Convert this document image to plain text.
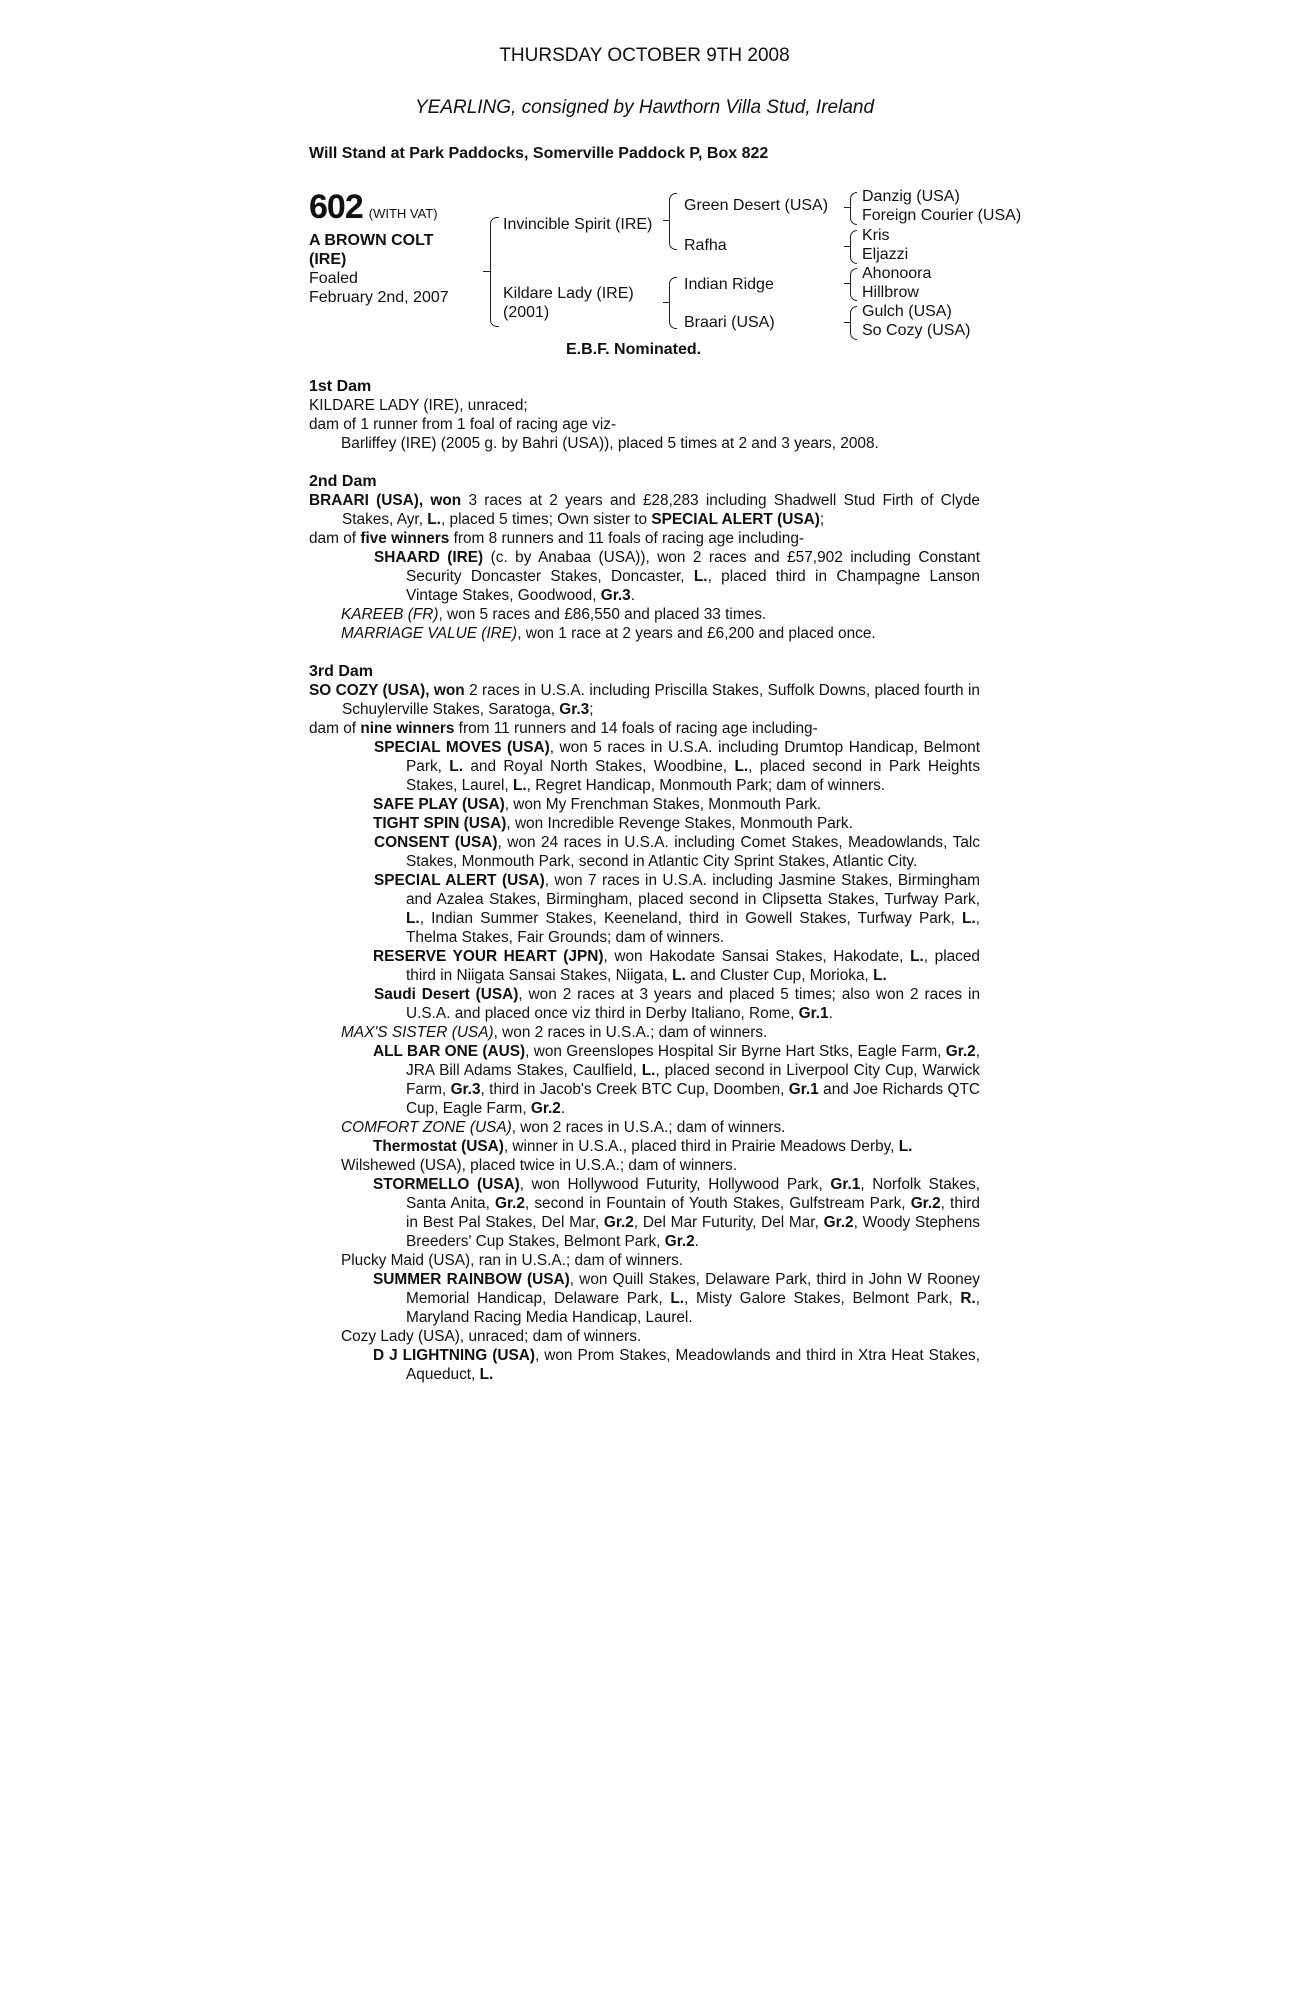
THURSDAY OCTOBER 9TH 2008
YEARLING, consigned by Hawthorn Villa Stud, Ireland
Will Stand at Park Paddocks, Somerville Paddock P, Box 822
602 (WITH VAT)
A BROWN COLT
(IRE)
Foaled
February 2nd, 2007
Invincible Spirit (IRE)
Kildare Lady (IRE)
(2001)
Green Desert (USA)
Rafha
Indian Ridge
Braari (USA)
Danzig (USA)
Foreign Courier (USA)
Kris
Eljazzi
Ahonoora
Hillbrow
Gulch (USA)
So Cozy (USA)
E.B.F. Nominated.

1st Dam

KILDARE LADY (IRE), unraced;

dam of 1 runner from 1 foal of racing age viz-

Barliffey (IRE) (2005 g. by Bahri (USA)), placed 5 times at 2 and 3 years, 2008.

2nd Dam

BRAARI (USA), won 3 races at 2 years and £28,283 including Shadwell Stud Firth of Clyde Stakes, Ayr, L., placed 5 times; Own sister to SPECIAL ALERT (USA);

dam of five winners from 8 runners and 11 foals of racing age including-

SHAARD (IRE) (c. by Anabaa (USA)), won 2 races and £57,902 including Constant Security Doncaster Stakes, Doncaster, L., placed third in Champagne Lanson Vintage Stakes, Goodwood, Gr.3.

KAREEB (FR), won 5 races and £86,550 and placed 33 times.

MARRIAGE VALUE (IRE), won 1 race at 2 years and £6,200 and placed once.

3rd Dam

SO COZY (USA), won 2 races in U.S.A. including Priscilla Stakes, Suffolk Downs, placed fourth in Schuylerville Stakes, Saratoga, Gr.3;

dam of nine winners from 11 runners and 14 foals of racing age including-

SPECIAL MOVES (USA), won 5 races in U.S.A. including Drumtop Handicap, Belmont Park, L. and Royal North Stakes, Woodbine, L., placed second in Park Heights Stakes, Laurel, L., Regret Handicap, Monmouth Park; dam of winners.

SAFE PLAY (USA), won My Frenchman Stakes, Monmouth Park.

TIGHT SPIN (USA), won Incredible Revenge Stakes, Monmouth Park.

CONSENT (USA), won 24 races in U.S.A. including Comet Stakes, Meadowlands, Talc Stakes, Monmouth Park, second in Atlantic City Sprint Stakes, Atlantic City.

SPECIAL ALERT (USA), won 7 races in U.S.A. including Jasmine Stakes, Birmingham and Azalea Stakes, Birmingham, placed second in Clipsetta Stakes, Turfway Park, L., Indian Summer Stakes, Keeneland, third in Gowell Stakes, Turfway Park, L., Thelma Stakes, Fair Grounds; dam of winners.

RESERVE YOUR HEART (JPN), won Hakodate Sansai Stakes, Hakodate, L., placed third in Niigata Sansai Stakes, Niigata, L. and Cluster Cup, Morioka, L.

Saudi Desert (USA), won 2 races at 3 years and placed 5 times; also won 2 races in U.S.A. and placed once viz third in Derby Italiano, Rome, Gr.1.

MAX'S SISTER (USA), won 2 races in U.S.A.; dam of winners.

ALL BAR ONE (AUS), won Greenslopes Hospital Sir Byrne Hart Stks, Eagle Farm, Gr.2, JRA Bill Adams Stakes, Caulfield, L., placed second in Liverpool City Cup, Warwick Farm, Gr.3, third in Jacob's Creek BTC Cup, Doomben, Gr.1 and Joe Richards QTC Cup, Eagle Farm, Gr.2.

COMFORT ZONE (USA), won 2 races in U.S.A.; dam of winners.

Thermostat (USA), winner in U.S.A., placed third in Prairie Meadows Derby, L.

Wilshewed (USA), placed twice in U.S.A.; dam of winners.

STORMELLO (USA), won Hollywood Futurity, Hollywood Park, Gr.1, Norfolk Stakes, Santa Anita, Gr.2, second in Fountain of Youth Stakes, Gulfstream Park, Gr.2, third in Best Pal Stakes, Del Mar, Gr.2, Del Mar Futurity, Del Mar, Gr.2, Woody Stephens Breeders' Cup Stakes, Belmont Park, Gr.2.

Plucky Maid (USA), ran in U.S.A.; dam of winners.

SUMMER RAINBOW (USA), won Quill Stakes, Delaware Park, third in John W Rooney Memorial Handicap, Delaware Park, L., Misty Galore Stakes, Belmont Park, R., Maryland Racing Media Handicap, Laurel.

Cozy Lady (USA), unraced; dam of winners.

D J LIGHTNING (USA), won Prom Stakes, Meadowlands and third in Xtra Heat Stakes, Aqueduct, L.
